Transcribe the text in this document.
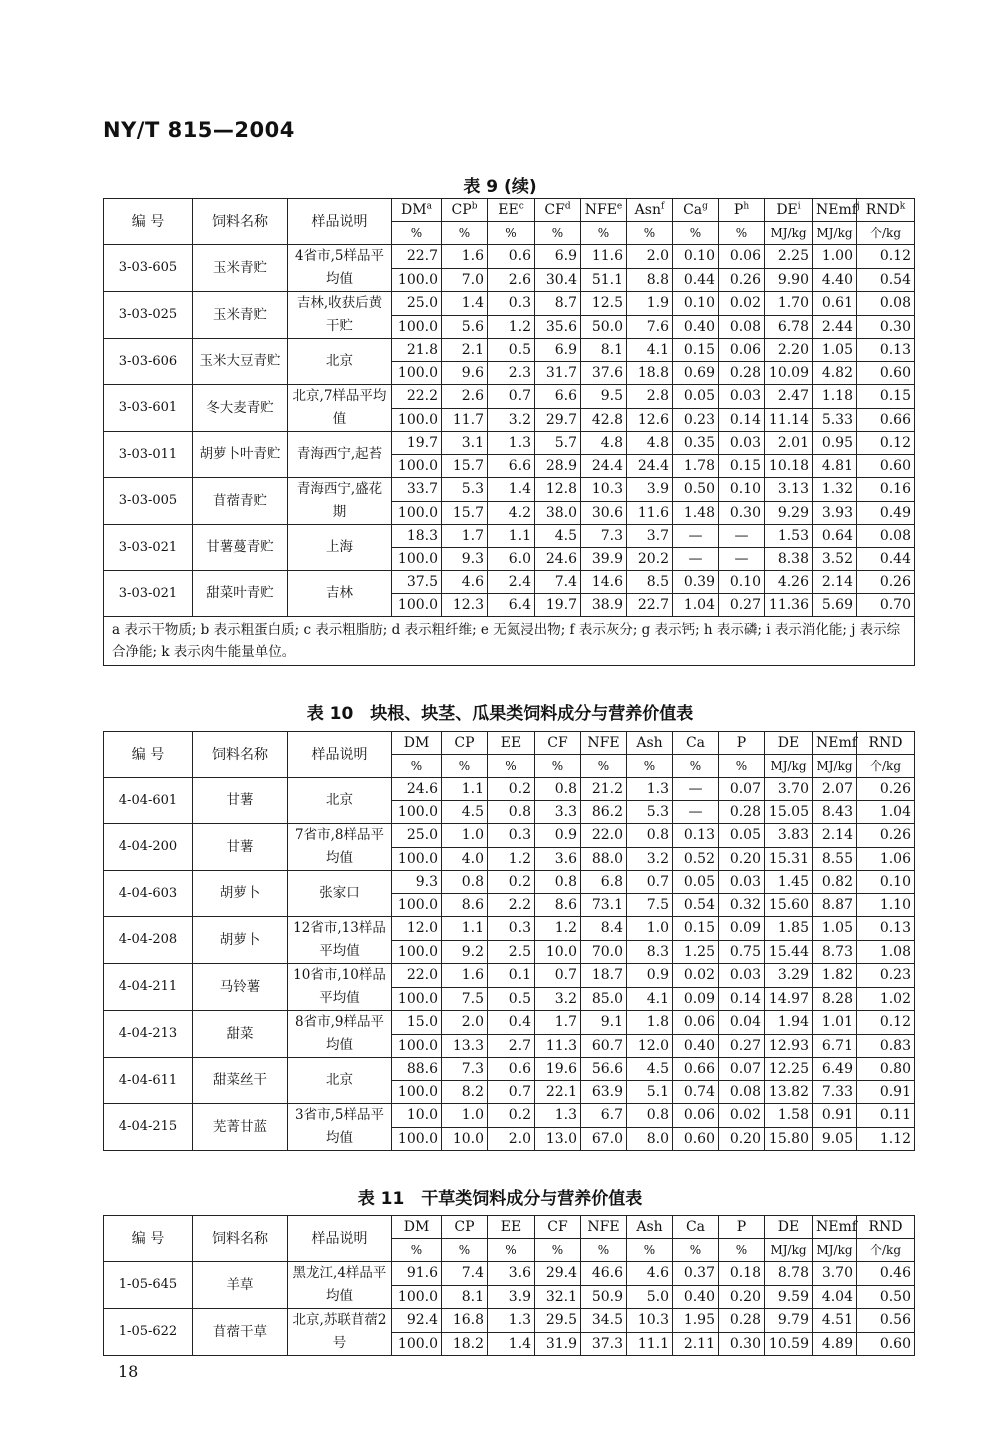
NY/T 815—2004
表 9 (续)
编 号	饲料名称	样品说明	$DM^a$	$CP^b$	$EE^c$	$CF^d$	NFE$^e$	Asn$^f$	Ca$^g$	$P^h$	$DE^i$	NEmf$^j$	RND$^k$
			%	%	%	%	%	%	%	%	MJ/kg	MJ/kg	个/kg
3-03-605	玉米青贮	4省市,5样品平均值	22.7	1.6	0.6	6.9	11.6	2.0	0.10	0.06	2.25	1.00	0.12
			100.0	7.0	2.6	30.4	51.1	8.8	0.44	0.26	9.90	4.40	0.54
3-03-025	玉米青贮	吉林,收获后黄干贮	25.0	1.4	0.3	8.7	12.5	1.9	0.10	0.02	1.70	0.61	0.08
			100.0	5.6	1.2	35.6	50.0	7.6	0.40	0.08	6.78	2.44	0.30
3-03-606	玉米大豆青贮	北京	21.8	2.1	0.5	6.9	8.1	4.1	0.15	0.06	2.20	1.05	0.13
			100.0	9.6	2.3	31.7	37.6	18.8	0.69	0.28	10.09	4.82	0.60
3-03-601	冬大麦青贮	北京,7样品平均值	22.2	2.6	0.7	6.6	9.5	2.8	0.05	0.03	2.47	1.18	0.15
			100.0	11.7	3.2	29.7	42.8	12.6	0.23	0.14	11.14	5.33	0.66
3-03-011	胡萝卜叶青贮	青海西宁,起苔	19.7	3.1	1.3	5.7	4.8	4.8	0.35	0.03	2.01	0.95	0.12
			100.0	15.7	6.6	28.9	24.4	24.4	1.78	0.15	10.18	4.81	0.60
3-03-005	苜蓿青贮	青海西宁,盛花期	33.7	5.3	1.4	12.8	10.3	3.9	0.50	0.10	3.13	1.32	0.16
			100.0	15.7	4.2	38.0	30.6	11.6	1.48	0.30	9.29	3.93	0.49
3-03-021	甘薯蔓青贮	上海	18.3	1.7	1.1	4.5	7.3	3.7	—	—	1.53	0.64	0.08
			100.0	9.3	6.0	24.6	39.9	20.2	—	—	8.38	3.52	0.44
3-03-021	甜菜叶青贮	吉林	37.5	4.6	2.4	7.4	14.6	8.5	0.39	0.10	4.26	2.14	0.26
			100.0	12.3	6.4	19.7	38.9	22.7	1.04	0.27	11.36	5.69	0.70
a 表示干物质; b 表示粗蛋白质; c 表示粗脂肪; d 表示粗纤维; e 无氮浸出物; f 表示灰分; g 表示钙; h 表示磷; i 表示消化能; j 表示综合净能; k 表示肉牛能量单位。													
表 10　块根、块茎、瓜果类饲料成分与营养价值表
编 号	饲料名称	样品说明	DM	CP	EE	CF	NFE	Ash	Ca	P	DE	NEmf	RND
			%	%	%	%	%	%	%	%	MJ/kg	MJ/kg	个/kg
4-04-601	甘薯	北京	24.6	1.1	0.2	0.8	21.2	1.3	—	0.07	3.70	2.07	0.26
			100.0	4.5	0.8	3.3	86.2	5.3	—	0.28	15.05	8.43	1.04
4-04-200	甘薯	7省市,8样品平均值	25.0	1.0	0.3	0.9	22.0	0.8	0.13	0.05	3.83	2.14	0.26
			100.0	4.0	1.2	3.6	88.0	3.2	0.52	0.20	15.31	8.55	1.06
4-04-603	胡萝卜	张家口	9.3	0.8	0.2	0.8	6.8	0.7	0.05	0.03	1.45	0.82	0.10
			100.0	8.6	2.2	8.6	73.1	7.5	0.54	0.32	15.60	8.87	1.10
4-04-208	胡萝卜	12省市,13样品平均值	12.0	1.1	0.3	1.2	8.4	1.0	0.15	0.09	1.85	1.05	0.13
			100.0	9.2	2.5	10.0	70.0	8.3	1.25	0.75	15.44	8.73	1.08
4-04-211	马铃薯	10省市,10样品平均值	22.0	1.6	0.1	0.7	18.7	0.9	0.02	0.03	3.29	1.82	0.23
			100.0	7.5	0.5	3.2	85.0	4.1	0.09	0.14	14.97	8.28	1.02
4-04-213	甜菜	8省市,9样品平均值	15.0	2.0	0.4	1.7	9.1	1.8	0.06	0.04	1.94	1.01	0.12
			100.0	13.3	2.7	11.3	60.7	12.0	0.40	0.27	12.93	6.71	0.83
4-04-611	甜菜丝干	北京	88.6	7.3	0.6	19.6	56.6	4.5	0.66	0.07	12.25	6.49	0.80
			100.0	8.2	0.7	22.1	63.9	5.1	0.74	0.08	13.82	7.33	0.91
4-04-215	芜菁甘蓝	3省市,5样品平均值	10.0	1.0	0.2	1.3	6.7	0.8	0.06	0.02	1.58	0.91	0.11
			100.0	10.0	2.0	13.0	67.0	8.0	0.60	0.20	15.80	9.05	1.12
表 11　干草类饲料成分与营养价值表
编 号	饲料名称	样品说明	DM	CP	EE	CF	NFE	Ash	Ca	P	DE	NEmf	RND
			%	%	%	%	%	%	%	%	MJ/kg	MJ/kg	个/kg
1-05-645	羊草	黑龙江,4样品平均值	91.6	7.4	3.6	29.4	46.6	4.6	0.37	0.18	8.78	3.70	0.46
			100.0	8.1	3.9	32.1	50.9	5.0	0.40	0.20	9.59	4.04	0.50
1-05-622	苜蓿干草	北京,苏联苜蓿2号	92.4	16.8	1.3	29.5	34.5	10.3	1.95	0.28	9.79	4.51	0.56
			100.0	18.2	1.4	31.9	37.3	11.1	2.11	0.30	10.59	4.89	0.60
18
